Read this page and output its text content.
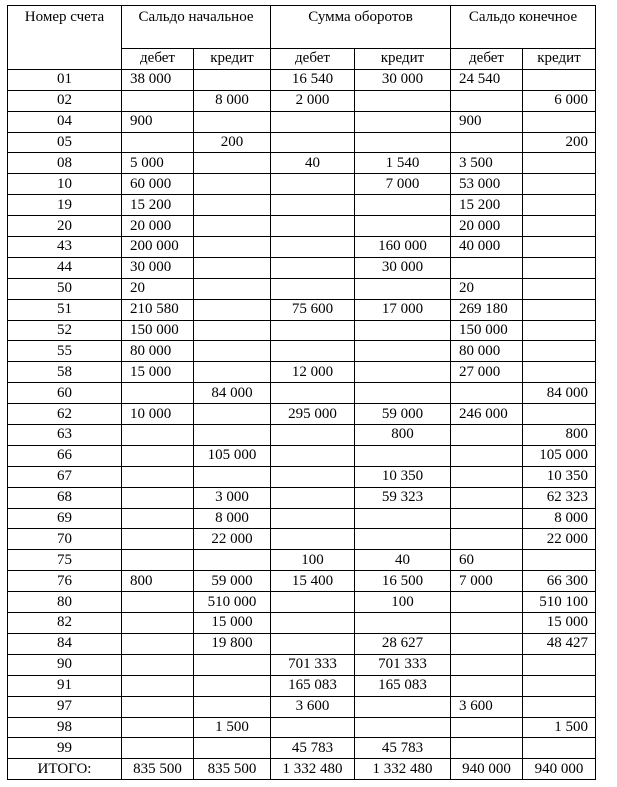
Номер счета	Сальдо начальное		Сумма оборотов		Сальдо конечное	
	дебет	кредит	дебет	кредит	дебет	кредит
01	38 000		16 540	30 000	24 540	
02		8 000	2 000			6 000
04	900				900	
05		200				200
08	5 000		40	1 540	3 500	
10	60 000			7 000	53 000	
19	15 200				15 200	
20	20 000				20 000	
43	200 000			160 000	40 000	
44	30 000			30 000		
50	20				20	
51	210 580		75 600	17 000	269 180	
52	150 000				150 000	
55	80 000				80 000	
58	15 000		12 000		27 000	
60		84 000				84 000
62	10 000		295 000	59 000	246 000	
63				800		800
66		105 000				105 000
67				10 350		10 350
68		3 000		59 323		62 323
69		8 000				8 000
70		22 000				22 000
75			100	40	60	
76	800	59 000	15 400	16 500	7 000	66 300
80		510 000		100		510 100
82		15 000				15 000
84		19 800		28 627		48 427
90			701 333	701 333		
91			165 083	165 083		
97			3 600		3 600	
98		1 500				1 500
99			45 783	45 783		
ИТОГО:	835 500	835 500	1 332 480	1 332 480	940 000	940 000
